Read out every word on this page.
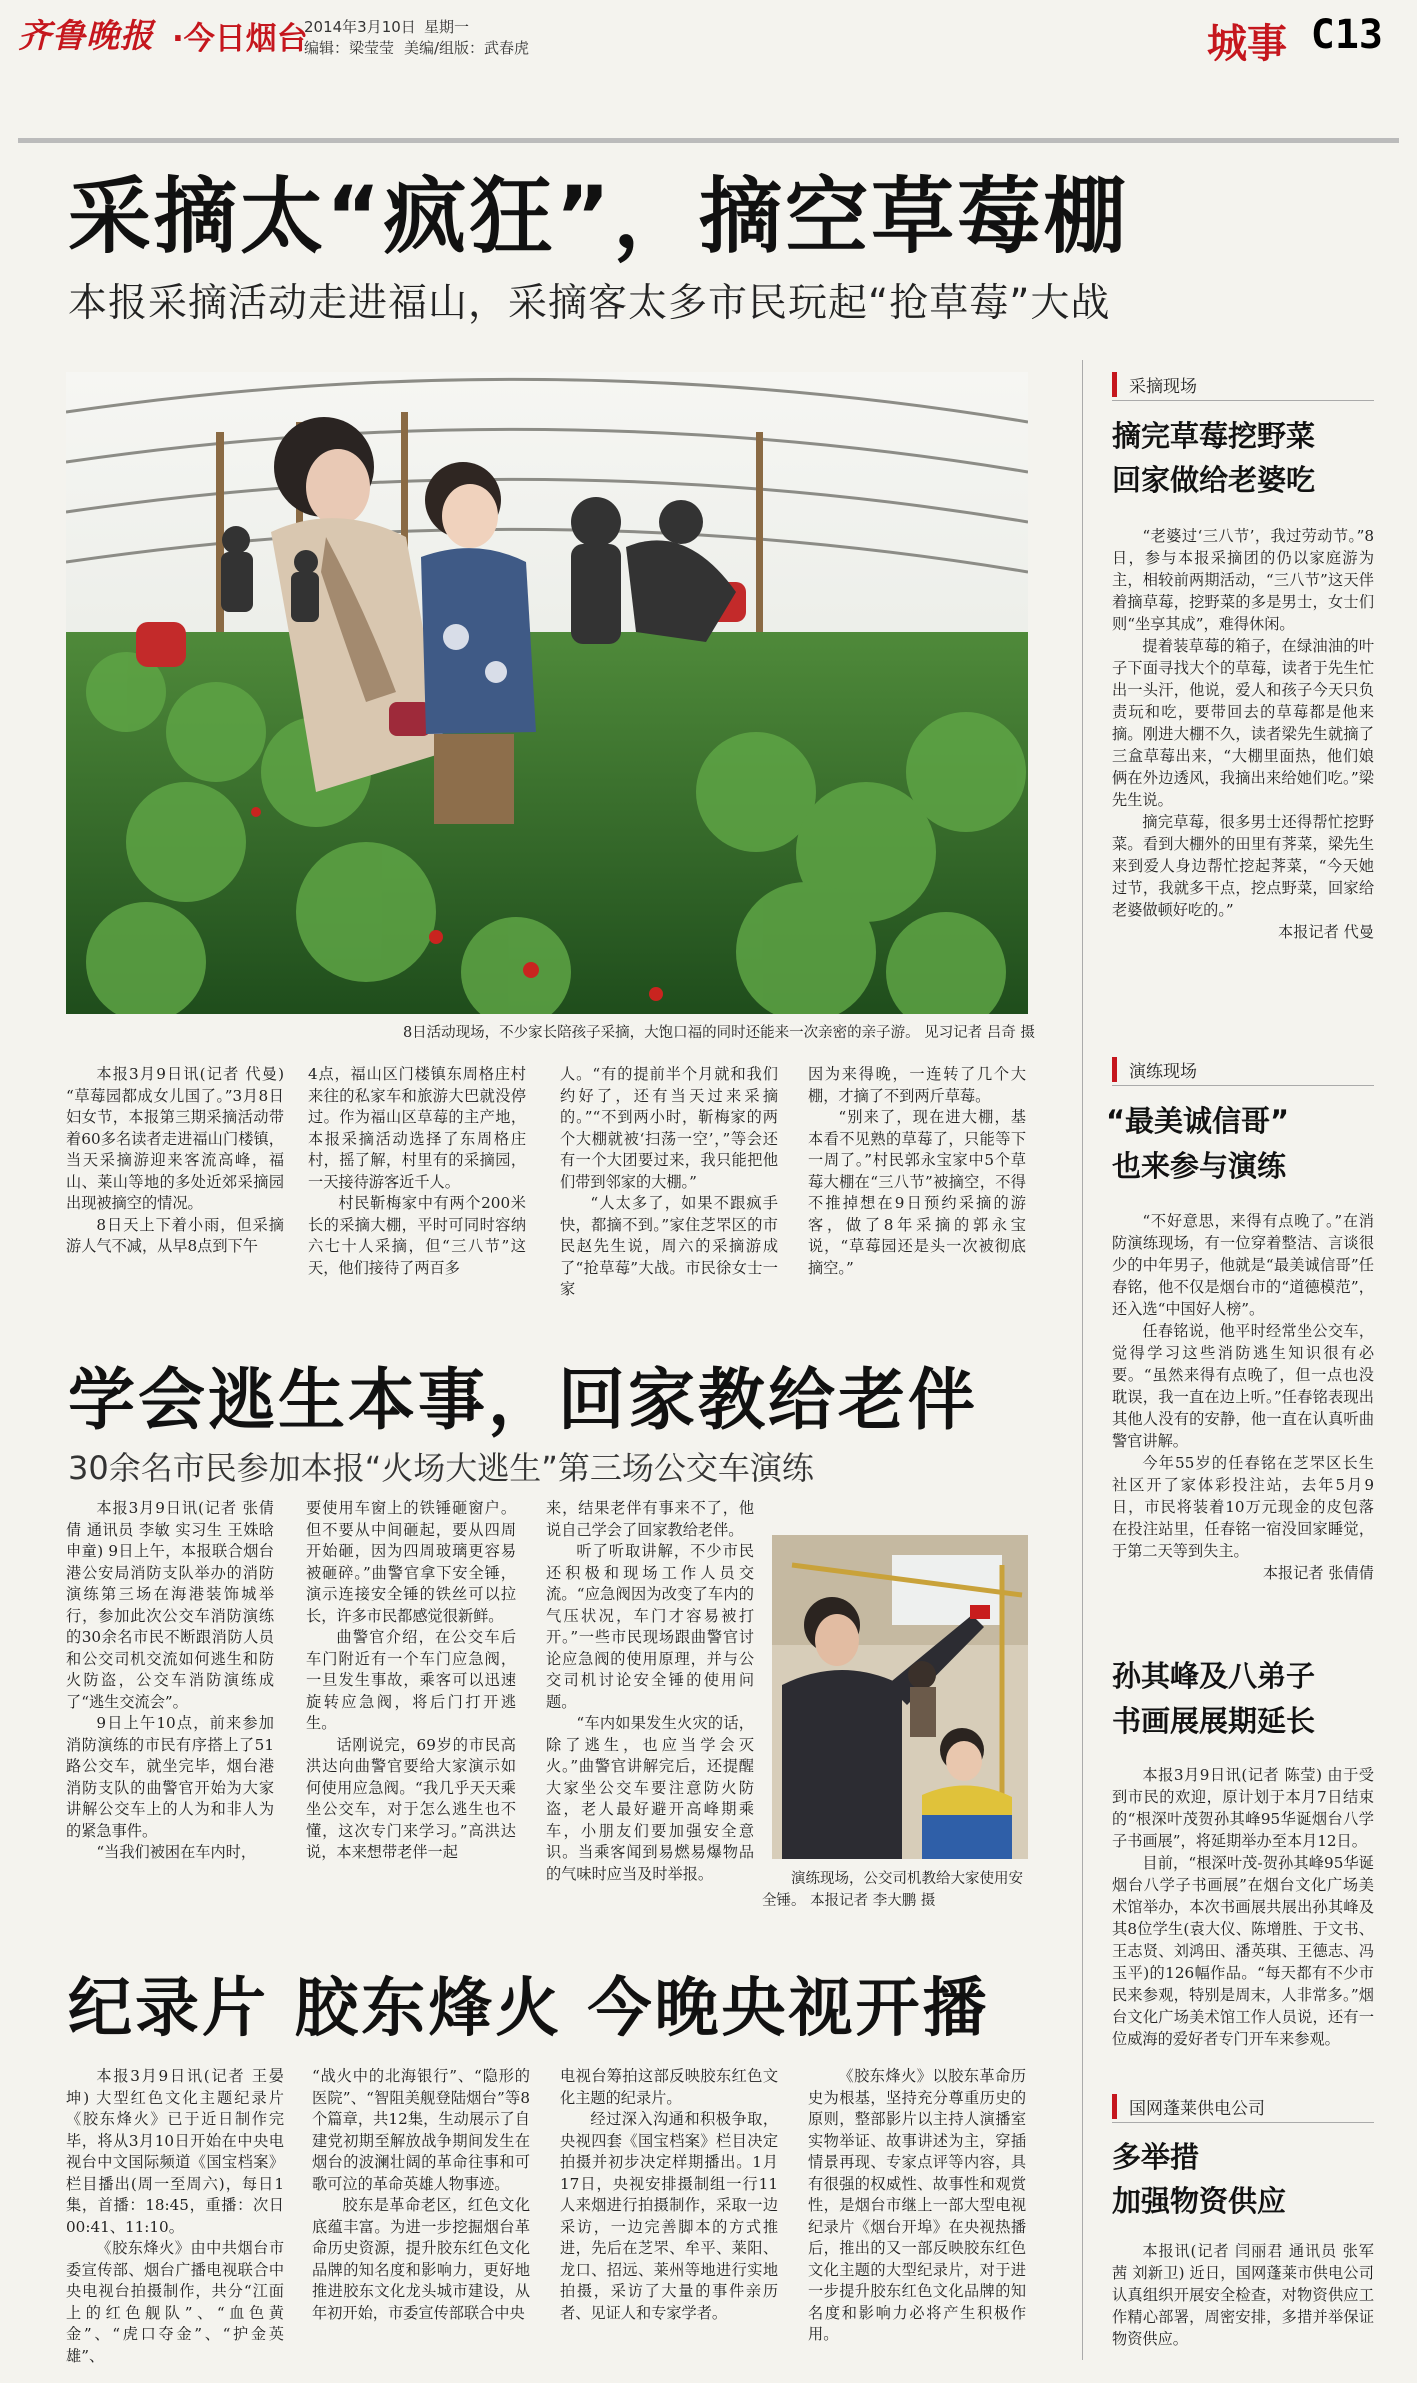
齐鲁晚报 ·今日烟台
2014年3月10日 星期一
编辑：梁莹莹 美编/组版：武春虎	城事 C13
采摘太“疯狂”，摘空草莓棚
本报采摘活动走进福山，采摘客太多市民玩起“抢草莓”大战
8日活动现场，不少家长陪孩子采摘，大饱口福的同时还能来一次亲密的亲子游。 见习记者 吕奇 摄

本报3月9日讯(记者 代曼) “草莓园都成女儿国了。”3月8日妇女节，本报第三期采摘活动带着60多名读者走进福山门楼镇，当天采摘游迎来客流高峰，福山、莱山等地的多处近郊采摘园出现被摘空的情况。

8日天上下着小雨，但采摘游人气不减，从早8点到下午

4点，福山区门楼镇东周格庄村来往的私家车和旅游大巴就没停过。作为福山区草莓的主产地，本报采摘活动选择了东周格庄村，摇了解，村里有的采摘园，一天接待游客近千人。

村民靳梅家中有两个200米长的采摘大棚，平时可同时容纳六七十人采摘，但“三八节”这天，他们接待了两百多

人。“有的提前半个月就和我们约好了，还有当天过来采摘的。”“不到两小时，靳梅家的两个大棚就被‘扫荡一空’，”等会还有一个大团要过来，我只能把他们带到邻家的大棚。”

“人太多了，如果不跟疯手快，都摘不到。”家住芝罘区的市民赵先生说，周六的采摘游成了“抢草莓”大战。市民徐女士一家

因为来得晚，一连转了几个大棚，才摘了不到两斤草莓。

“别来了，现在进大棚，基本看不见熟的草莓了，只能等下一周了。”村民郭永宝家中5个草莓大棚在“三八节”被摘空，不得不推掉想在9日预约采摘的游客，做了8年采摘的郭永宝说，“草莓园还是头一次被彻底摘空。”

学会逃生本事，回家教给老伴
30余名市民参加本报“火场大逃生”第三场公交车演练

本报3月9日讯(记者 张倩倩 通讯员 李敏 实习生 王姝晗 申童) 9日上午，本报联合烟台港公安局消防支队举办的消防演练第三场在海港装饰城举行，参加此次公交车消防演练的30余名市民不断跟消防人员和公交司机交流如何逃生和防火防盗，公交车消防演练成了“逃生交流会”。

9日上午10点，前来参加消防演练的市民有序搭上了51路公交车，就坐完毕，烟台港消防支队的曲警官开始为大家讲解公交车上的人为和非人为的紧急事件。

“当我们被困在车内时，

要使用车窗上的铁锤砸窗户。但不要从中间砸起，要从四周开始砸，因为四周玻璃更容易被砸碎。”曲警官拿下安全锤，演示连接安全锤的铁丝可以拉长，许多市民都感觉很新鲜。

曲警官介绍，在公交车后车门附近有一个车门应急阀，一旦发生事故，乘客可以迅速旋转应急阀，将后门打开逃生。

话刚说完，69岁的市民高洪达向曲警官要给大家演示如何使用应急阀。“我几乎天天乘坐公交车，对于怎么逃生也不懂，这次专门来学习。”高洪达说，本来想带老伴一起

来，结果老伴有事来不了，他说自己学会了回家教给老伴。

听了听取讲解，不少市民还积极和现场工作人员交流。“应急阀因为改变了车内的气压状况，车门才容易被打开。”一些市民现场跟曲警官讨论应急阀的使用原理，并与公交司机讨论安全锤的使用问题。

“车内如果发生火灾的话，除了逃生，也应当学会灭火。”曲警官讲解完后，还提醒大家坐公交车要注意防火防盗，老人最好避开高峰期乘车，小朋友们要加强安全意识。当乘客闻到易燃易爆物品的气味时应当及时举报。	演练现场，公交司机教给大家使用安全锤。 本报记者 李大鹏 摄
纪录片 胶东烽火 今晚央视开播

本报3月9日讯(记者 王晏坤) 大型红色文化主题纪录片《胶东烽火》已于近日制作完毕，将从3月10日开始在中央电视台中文国际频道《国宝档案》栏目播出(周一至周六)，每日1集，首播：18:45，重播：次日00:41、11:10。

《胶东烽火》由中共烟台市委宣传部、烟台广播电视联合中央电视台拍摄制作，共分“江面上的红色舰队”、“血色黄金”、“虎口夺金”、“护金英雄”、

“战火中的北海银行”、“隐形的医院”、“智阻美舰登陆烟台”等8个篇章，共12集，生动展示了自建党初期至解放战争期间发生在烟台的波澜壮阔的革命往事和可歌可泣的革命英雄人物事迹。

胶东是革命老区，红色文化底蕴丰富。为进一步挖掘烟台革命历史资源，提升胶东红色文化品牌的知名度和影响力，更好地推进胶东文化龙头城市建设，从年初开始，市委宣传部联合中央

电视台筹拍这部反映胶东红色文化主题的纪录片。

经过深入沟通和积极争取，央视四套《国宝档案》栏目决定拍摄并初步决定样期播出。1月17日，央视安排摄制组一行11人来烟进行拍摄制作，采取一边采访，一边完善脚本的方式推进，先后在芝罘、牟平、莱阳、龙口、招远、莱州等地进行实地拍摄，采访了大量的事件亲历者、见证人和专家学者。

《胶东烽火》以胶东革命历史为根基，坚持充分尊重历史的原则，整部影片以主持人演播室实物举证、故事讲述为主，穿插情景再现、专家点评等内容，具有很强的权威性、故事性和观赏性，是烟台市继上一部大型电视纪录片《烟台开埠》在央视热播后，推出的又一部反映胶东红色文化主题的大型纪录片，对于进一步提升胶东红色文化品牌的知名度和影响力必将产生积极作用。

采摘现场
摘完草莓挖野菜
回家做给老婆吃

“老婆过‘三八节’，我过劳动节。”8日，参与本报采摘团的仍以家庭游为主，相较前两期活动，“三八节”这天伴着摘草莓，挖野菜的多是男士，女士们则“坐享其成”，难得休闲。

提着装草莓的箱子，在绿油油的叶子下面寻找大个的草莓，读者于先生忙出一头汗，他说，爱人和孩子今天只负责玩和吃，要带回去的草莓都是他来摘。刚进大棚不久，读者梁先生就摘了三盒草莓出来，“大棚里面热，他们娘俩在外边透风，我摘出来给她们吃。”梁先生说。

摘完草莓，很多男士还得帮忙挖野菜。看到大棚外的田里有荠菜，梁先生来到爱人身边帮忙挖起荠菜，“今天她过节，我就多干点，挖点野菜，回家给老婆做顿好吃的。”

本报记者 代曼
演练现场
“最美诚信哥”
也来参与演练

“不好意思，来得有点晚了。”在消防演练现场，有一位穿着整洁、言谈很少的中年男子，他就是“最美诚信哥”任春铭，他不仅是烟台市的“道德模范”，还入选“中国好人榜”。

任春铭说，他平时经常坐公交车，觉得学习这些消防逃生知识很有必要。“虽然来得有点晚了，但一点也没耽误，我一直在边上听。”任春铭表现出其他人没有的安静，他一直在认真听曲警官讲解。

今年55岁的任春铭在芝罘区长生社区开了家体彩投注站，去年5月9日，市民将装着10万元现金的皮包落在投注站里，任春铭一宿没回家睡觉，于第二天等到失主。

本报记者 张倩倩
孙其峰及八弟子
书画展展期延长

本报3月9日讯(记者 陈莹) 由于受到市民的欢迎，原计划于本月7日结束的“根深叶茂贺孙其峰95华诞烟台八学子书画展”，将延期举办至本月12日。

目前，“根深叶茂-贺孙其峰95华诞烟台八学子书画展”在烟台文化广场美术馆举办，本次书画展共展出孙其峰及其8位学生(袁大仪、陈增胜、于文书、王志贤、刘鸿田、潘英琪、王德志、冯玉平)的126幅作品。“每天都有不少市民来参观，特别是周末，人非常多。”烟台文化广场美术馆工作人员说，还有一位威海的爱好者专门开车来参观。

国网蓬莱供电公司
多举措
加强物资供应

本报讯(记者 闫丽君 通讯员 张军茜 刘新卫) 近日，国网蓬莱市供电公司认真组织开展安全检查，对物资供应工作精心部署，周密安排，多措并举保证物资供应。
